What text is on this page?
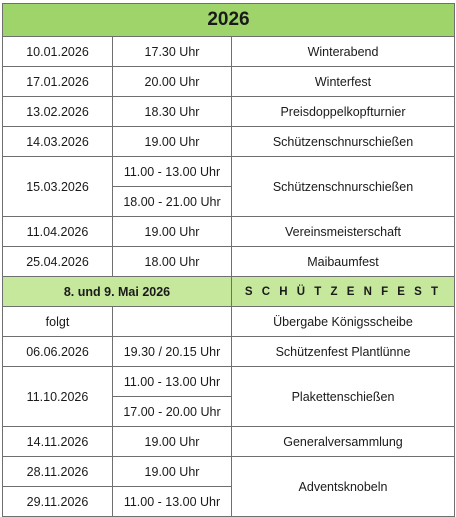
2026		
10.01.2026	17.30 Uhr	Winterabend
17.01.2026	20.00 Uhr	Winterfest
13.02.2026	18.30 Uhr	Preisdoppelkopfturnier
14.03.2026	19.00 Uhr	Schützenschnurschießen
15.03.2026	11.00 - 13.00 Uhr	Schützenschnurschießen
	18.00 - 21.00 Uhr	
11.04.2026	19.00 Uhr	Vereinsmeisterschaft
25.04.2026	18.00 Uhr	Maibaumfest
8. und 9. Mai 2026		S C H Ü T Z E N F E S T
folgt		Übergabe Königsscheibe
06.06.2026	19.30 / 20.15 Uhr	Schützenfest Plantlünne
11.10.2026	11.00 - 13.00 Uhr	Plakettenschießen
	17.00 - 20.00 Uhr	
14.11.2026	19.00 Uhr	Generalversammlung
28.11.2026	19.00 Uhr	Adventsknobeln
29.11.2026	11.00 - 13.00 Uhr	
